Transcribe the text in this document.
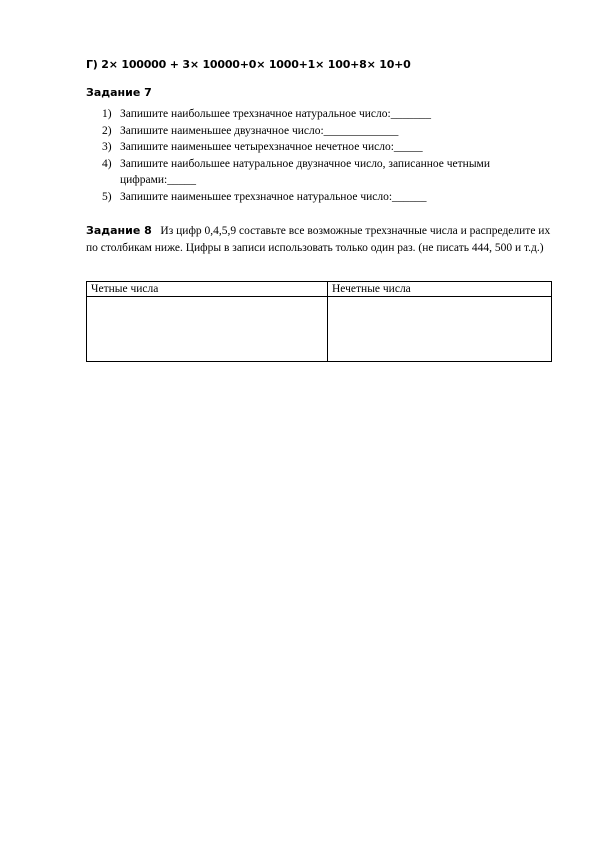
Г) 2× 100000 + 3× 10000+0× 1000+1× 100+8× 10+0
Задание 7
1) Запишите наибольшее трехзначное натуральное число:_______
2) Запишите наименьшее двузначное число:_____________
3) Запишите наименьшее четырехзначное нечетное число:_____
4) Запишите наибольшее натуральное двузначное число, записанное четными цифрами:_____
5) Запишите наименьшее трехзначное натуральное число:______
Задание 8 Из цифр 0,4,5,9 составьте все возможные трехзначные числа и распределите их по столбикам ниже. Цифры в записи использовать только один раз. (не писать 444, 500 и т.д.)
Четные числа	Нечетные числа
